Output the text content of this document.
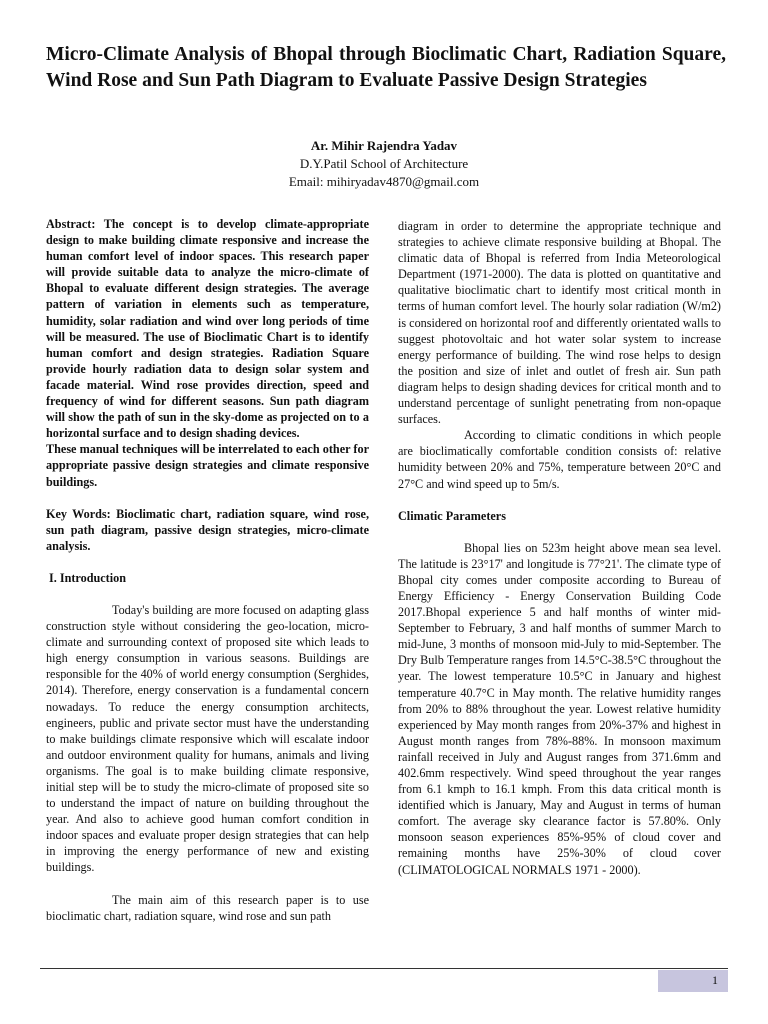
Micro-Climate Analysis of Bhopal through Bioclimatic Chart, Radiation Square, Wind Rose and Sun Path Diagram to Evaluate Passive Design Strategies
Ar. Mihir Rajendra Yadav
D.Y.Patil School of Architecture
Email: mihiryadav4870@gmail.com

Abstract: The concept is to develop climate-appropriate design to make building climate responsive and increase the human comfort level of indoor spaces. This research paper will provide suitable data to analyze the micro-climate of Bhopal to evaluate different design strategies. The average pattern of variation in elements such as temperature, humidity, solar radiation and wind over long periods of time will be measured. The use of Bioclimatic Chart is to identify human comfort and design strategies. Radiation Square provide hourly radiation data to design solar system and facade material. Wind rose provides direction, speed and frequency of wind for different seasons. Sun path diagram will show the path of sun in the sky-dome as projected on to a horizontal surface and to design shading devices.

These manual techniques will be interrelated to each other for appropriate passive design strategies and climate responsive buildings.

Key Words: Bioclimatic chart, radiation square, wind rose, sun path diagram, passive design strategies, micro-climate analysis.

I. Introduction

Today's building are more focused on adapting glass construction style without considering the geo-location, micro-climate and surrounding context of proposed site which leads to high energy consumption in various seasons. Buildings are responsible for the 40% of world energy consumption (Serghides, 2014). Therefore, energy conservation is a fundamental concern nowadays. To reduce the energy consumption architects, engineers, public and private sector must have the understanding to make buildings climate responsive which will escalate indoor and outdoor environment quality for humans, animals and living organisms. The goal is to make building climate responsive, initial step will be to study the micro-climate of proposed site so to understand the impact of nature on building throughout the year. And also to achieve good human comfort condition in indoor spaces and evaluate proper design strategies that can help in improving the energy performance of new and existing buildings.

The main aim of this research paper is to use bioclimatic chart, radiation square, wind rose and sun path

diagram in order to determine the appropriate technique and strategies to achieve climate responsive building at Bhopal. The climatic data of Bhopal is referred from India Meteorological Department (1971-2000). The data is plotted on quantitative and qualitative bioclimatic chart to identify most critical month in terms of human comfort level. The hourly solar radiation (W/m2) is considered on horizontal roof and differently orientated walls to suggest photovoltaic and hot water solar system to increase energy performance of building. The wind rose helps to design the position and size of inlet and outlet of fresh air. Sun path diagram helps to design shading devices for critical month and to understand percentage of sunlight penetrating from non-opaque surfaces.

According to climatic conditions in which people are bioclimatically comfortable condition consists of: relative humidity between 20% and 75%, temperature between 20°C and 27°C and wind speed up to 5m/s.

Climatic Parameters

Bhopal lies on 523m height above mean sea level. The latitude is 23°17' and longitude is 77°21'. The climate type of Bhopal city comes under composite according to Bureau of Energy Efficiency - Energy Conservation Building Code 2017.Bhopal experience 5 and half months of winter mid-September to February, 3 and half months of summer March to mid-June, 3 months of monsoon mid-July to mid-September. The Dry Bulb Temperature ranges from 14.5°C-38.5°C throughout the year. The lowest temperature 10.5°C in January and highest temperature 40.7°C in May month. The relative humidity ranges from 20% to 88% throughout the year. Lowest relative humidity experienced by May month ranges from 20%-37% and highest in August month ranges from 78%-88%. In monsoon maximum rainfall received in July and August ranges from 371.6mm and 402.6mm respectively. Wind speed throughout the year ranges from 6.1 kmph to 16.1 kmph. From this data critical month is identified which is January, May and August in terms of human comfort. The average sky clearance factor is 57.80%. Only monsoon season experiences 85%-95% of cloud cover and remaining months have 25%-30% of cloud cover (CLIMATOLOGICAL NORMALS 1971 - 2000).

1
